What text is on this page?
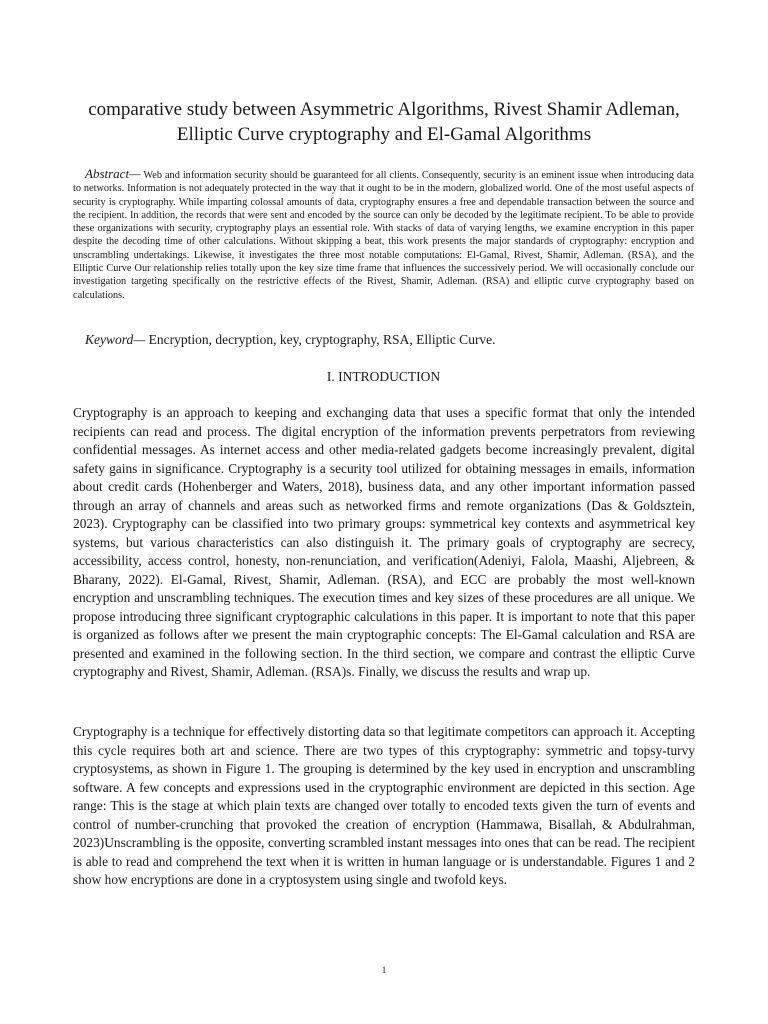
comparative study between Asymmetric Algorithms, Rivest Shamir Adleman, Elliptic Curve cryptography and El-Gamal Algorithms

Abstract— Web and information security should be guaranteed for all clients. Consequently, security is an eminent issue when introducing data to networks. Information is not adequately protected in the way that it ought to be in the modern, globalized world. One of the most useful aspects of security is cryptography. While imparting colossal amounts of data, cryptography ensures a free and dependable transaction between the source and the recipient. In addition, the records that were sent and encoded by the source can only be decoded by the legitimate recipient. To be able to provide these organizations with security, cryptography plays an essential role. With stacks of data of varying lengths, we examine encryption in this paper despite the decoding time of other calculations. Without skipping a beat, this work presents the major standards of cryptography: encryption and unscrambling undertakings. Likewise, it investigates the three most notable computations: El-Gamal, Rivest, Shamir, Adleman. (RSA), and the Elliptic Curve Our relationship relies totally upon the key size time frame that influences the successively period. We will occasionally conclude our investigation targeting specifically on the restrictive effects of the Rivest, Shamir, Adleman. (RSA) and elliptic curve cryptography based on calculations.

Keyword— Encryption, decryption, key, cryptography, RSA, Elliptic Curve.

I. INTRODUCTION

Cryptography is an approach to keeping and exchanging data that uses a specific format that only the intended recipients can read and process. The digital encryption of the information prevents perpetrators from reviewing confidential messages. As internet access and other media-related gadgets become increasingly prevalent, digital safety gains in significance. Cryptography is a security tool utilized for obtaining messages in emails, information about credit cards (Hohenberger and Waters, 2018), business data, and any other important information passed through an array of channels and areas such as networked firms and remote organizations (Das & Goldsztein, 2023). Cryptography can be classified into two primary groups: symmetrical key contexts and asymmetrical key systems, but various characteristics can also distinguish it. The primary goals of cryptography are secrecy, accessibility, access control, honesty, non-renunciation, and verification(Adeniyi, Falola, Maashi, Aljebreen, & Bharany, 2022). El-Gamal, Rivest, Shamir, Adleman. (RSA), and ECC are probably the most well-known encryption and unscrambling techniques. The execution times and key sizes of these procedures are all unique. We propose introducing three significant cryptographic calculations in this paper. It is important to note that this paper is organized as follows after we present the main cryptographic concepts: The El-Gamal calculation and RSA are presented and examined in the following section. In the third section, we compare and contrast the elliptic Curve cryptography and Rivest, Shamir, Adleman. (RSA)s. Finally, we discuss the results and wrap up.

Cryptography is a technique for effectively distorting data so that legitimate competitors can approach it. Accepting this cycle requires both art and science. There are two types of this cryptography: symmetric and topsy-turvy cryptosystems, as shown in Figure 1. The grouping is determined by the key used in encryption and unscrambling software. A few concepts and expressions used in the cryptographic environment are depicted in this section. Age range: This is the stage at which plain texts are changed over totally to encoded texts given the turn of events and control of number-crunching that provoked the creation of encryption (Hammawa, Bisallah, & Abdulrahman, 2023)Unscrambling is the opposite, converting scrambled instant messages into ones that can be read. The recipient is able to read and comprehend the text when it is written in human language or is understandable. Figures 1 and 2 show how encryptions are done in a cryptosystem using single and twofold keys.

1
